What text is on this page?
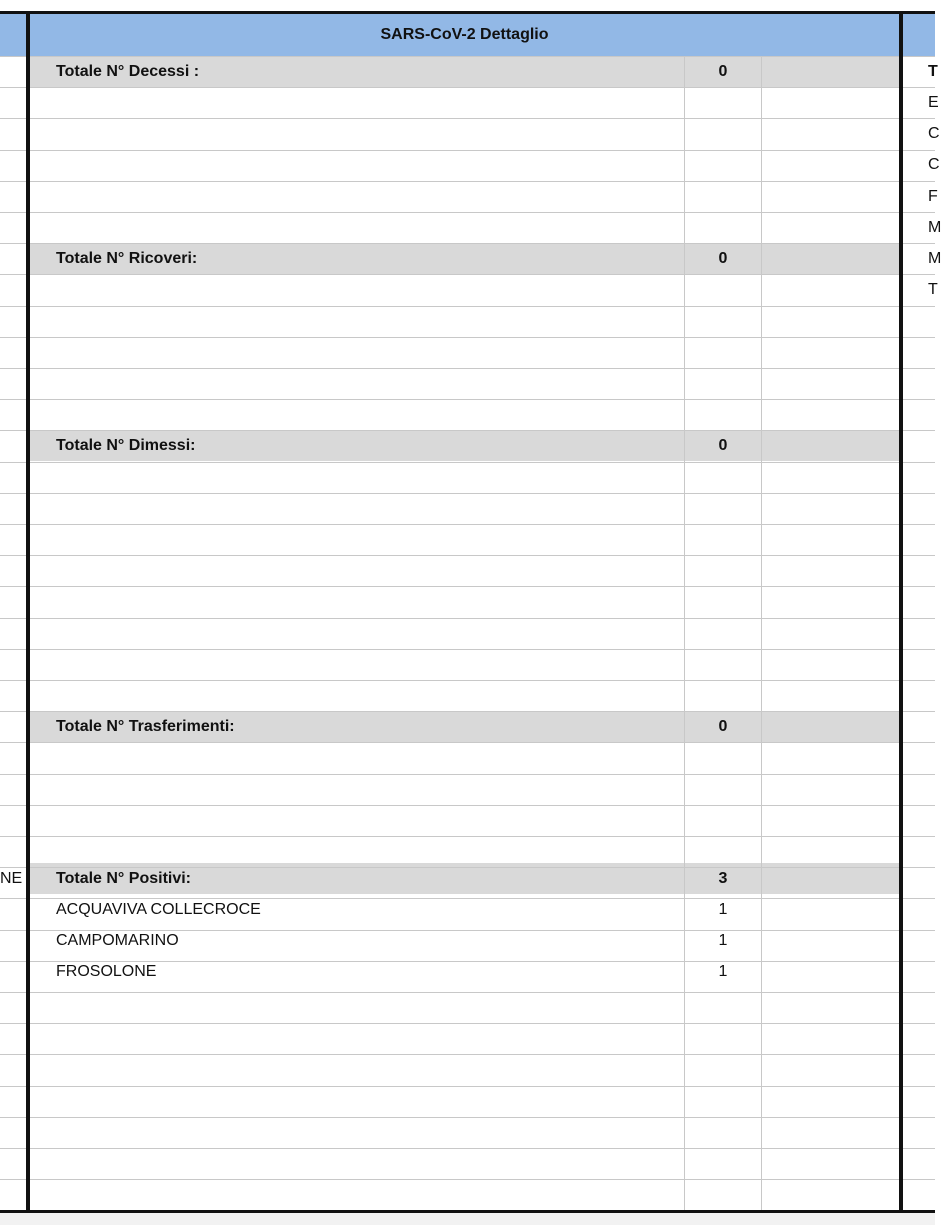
SARS-CoV-2 Dettaglio
NE
T
E
C
C
F
M
M
T
Totale N° Decessi :	0
Totale N° Ricoveri:	0
Totale N° Dimessi:	0
Totale N° Trasferimenti:	0
Totale N° Positivi:	3
ACQUAVIVA COLLECROCE	1
CAMPOMARINO	1
FROSOLONE	1
